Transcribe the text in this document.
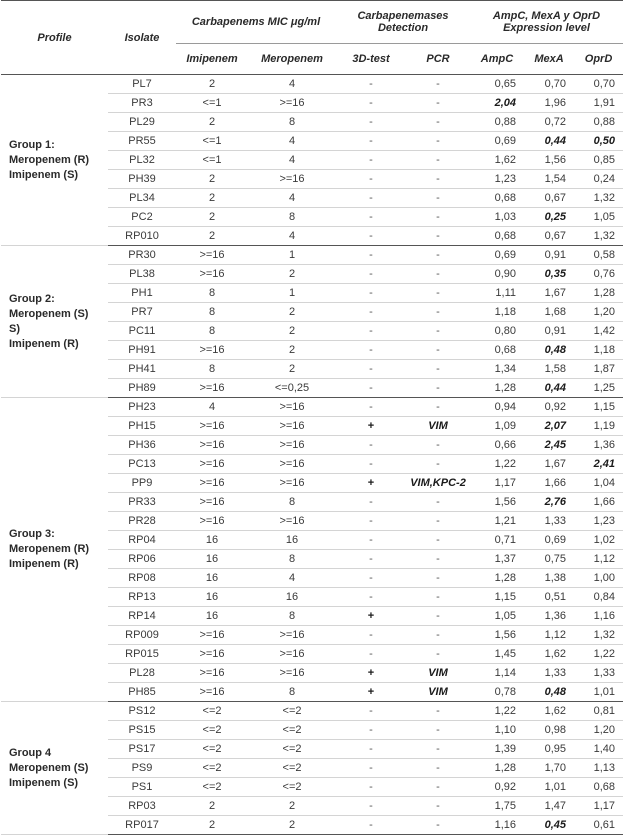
Profile	Isolate	Carbapenems MIC μg/ml		Carbapenemases Detection		AmpC, MexA y OprD Expression level		
		Imipenem	Meropenem	3D-test	PCR	AmpC	MexA	OprD

Group 1:
Meropenem (R)
Imipenem (S)	PL7	2	4	-	-	0,65	0,70	0,70
	PR3	<=1	>=16	-	-	2,04	1,96	1,91
	PL29	2	8	-	-	0,88	0,72	0,88
	PR55	<=1	4	-	-	0,69	0,44	0,50
	PL32	<=1	4	-	-	1,62	1,56	0,85
	PH39	2	>=16	-	-	1,23	1,54	0,24
	PL34	2	4	-	-	0,68	0,67	1,32
	PC2	2	8	-	-	1,03	0,25	1,05
	RP010	2	4	-	-	0,68	0,67	1,32

Group 2:
Meropenem (S)
S)
Imipenem (R)	PR30	>=16	1	-	-	0,69	0,91	0,58
	PL38	>=16	2	-	-	0,90	0,35	0,76
	PH1	8	1	-	-	1,11	1,67	1,28
	PR7	8	2	-	-	1,18	1,68	1,20
	PC11	8	2	-	-	0,80	0,91	1,42
	PH91	>=16	2	-	-	0,68	0,48	1,18
	PH41	8	2	-	-	1,34	1,58	1,87
	PH89	>=16	<=0,25	-	-	1,28	0,44	1,25

Group 3:
Meropenem (R)
Imipenem (R)	PH23	4	>=16	-	-	0,94	0,92	1,15
	PH15	>=16	>=16	+	VIM	1,09	2,07	1,19
	PH36	>=16	>=16	-	-	0,66	2,45	1,36
	PC13	>=16	>=16	-	-	1,22	1,67	2,41
	PP9	>=16	>=16	+	VIM,KPC-2	1,17	1,66	1,04
	PR33	>=16	8	-	-	1,56	2,76	1,66
	PR28	>=16	>=16	-	-	1,21	1,33	1,23
	RP04	16	16	-	-	0,71	0,69	1,02
	RP06	16	8	-	-	1,37	0,75	1,12
	RP08	16	4	-	-	1,28	1,38	1,00
	RP13	16	16	-	-	1,15	0,51	0,84
	RP14	16	8	+	-	1,05	1,36	1,16
	RP009	>=16	>=16	-	-	1,56	1,12	1,32
	RP015	>=16	>=16	-	-	1,45	1,62	1,22
	PL28	>=16	>=16	+	VIM	1,14	1,33	1,33
	PH85	>=16	8	+	VIM	0,78	0,48	1,01

Group 4
Meropenem (S)
Imipenem (S)	PS12	<=2	<=2	-	-	1,22	1,62	0,81
	PS15	<=2	<=2	-	-	1,10	0,98	1,20
	PS17	<=2	<=2	-	-	1,39	0,95	1,40
	PS9	<=2	<=2	-	-	1,28	1,70	1,13
	PS1	<=2	<=2	-	-	0,92	1,01	0,68
	RP03	2	2	-	-	1,75	1,47	1,17
	RP017	2	2	-	-	1,16	0,45	0,61
